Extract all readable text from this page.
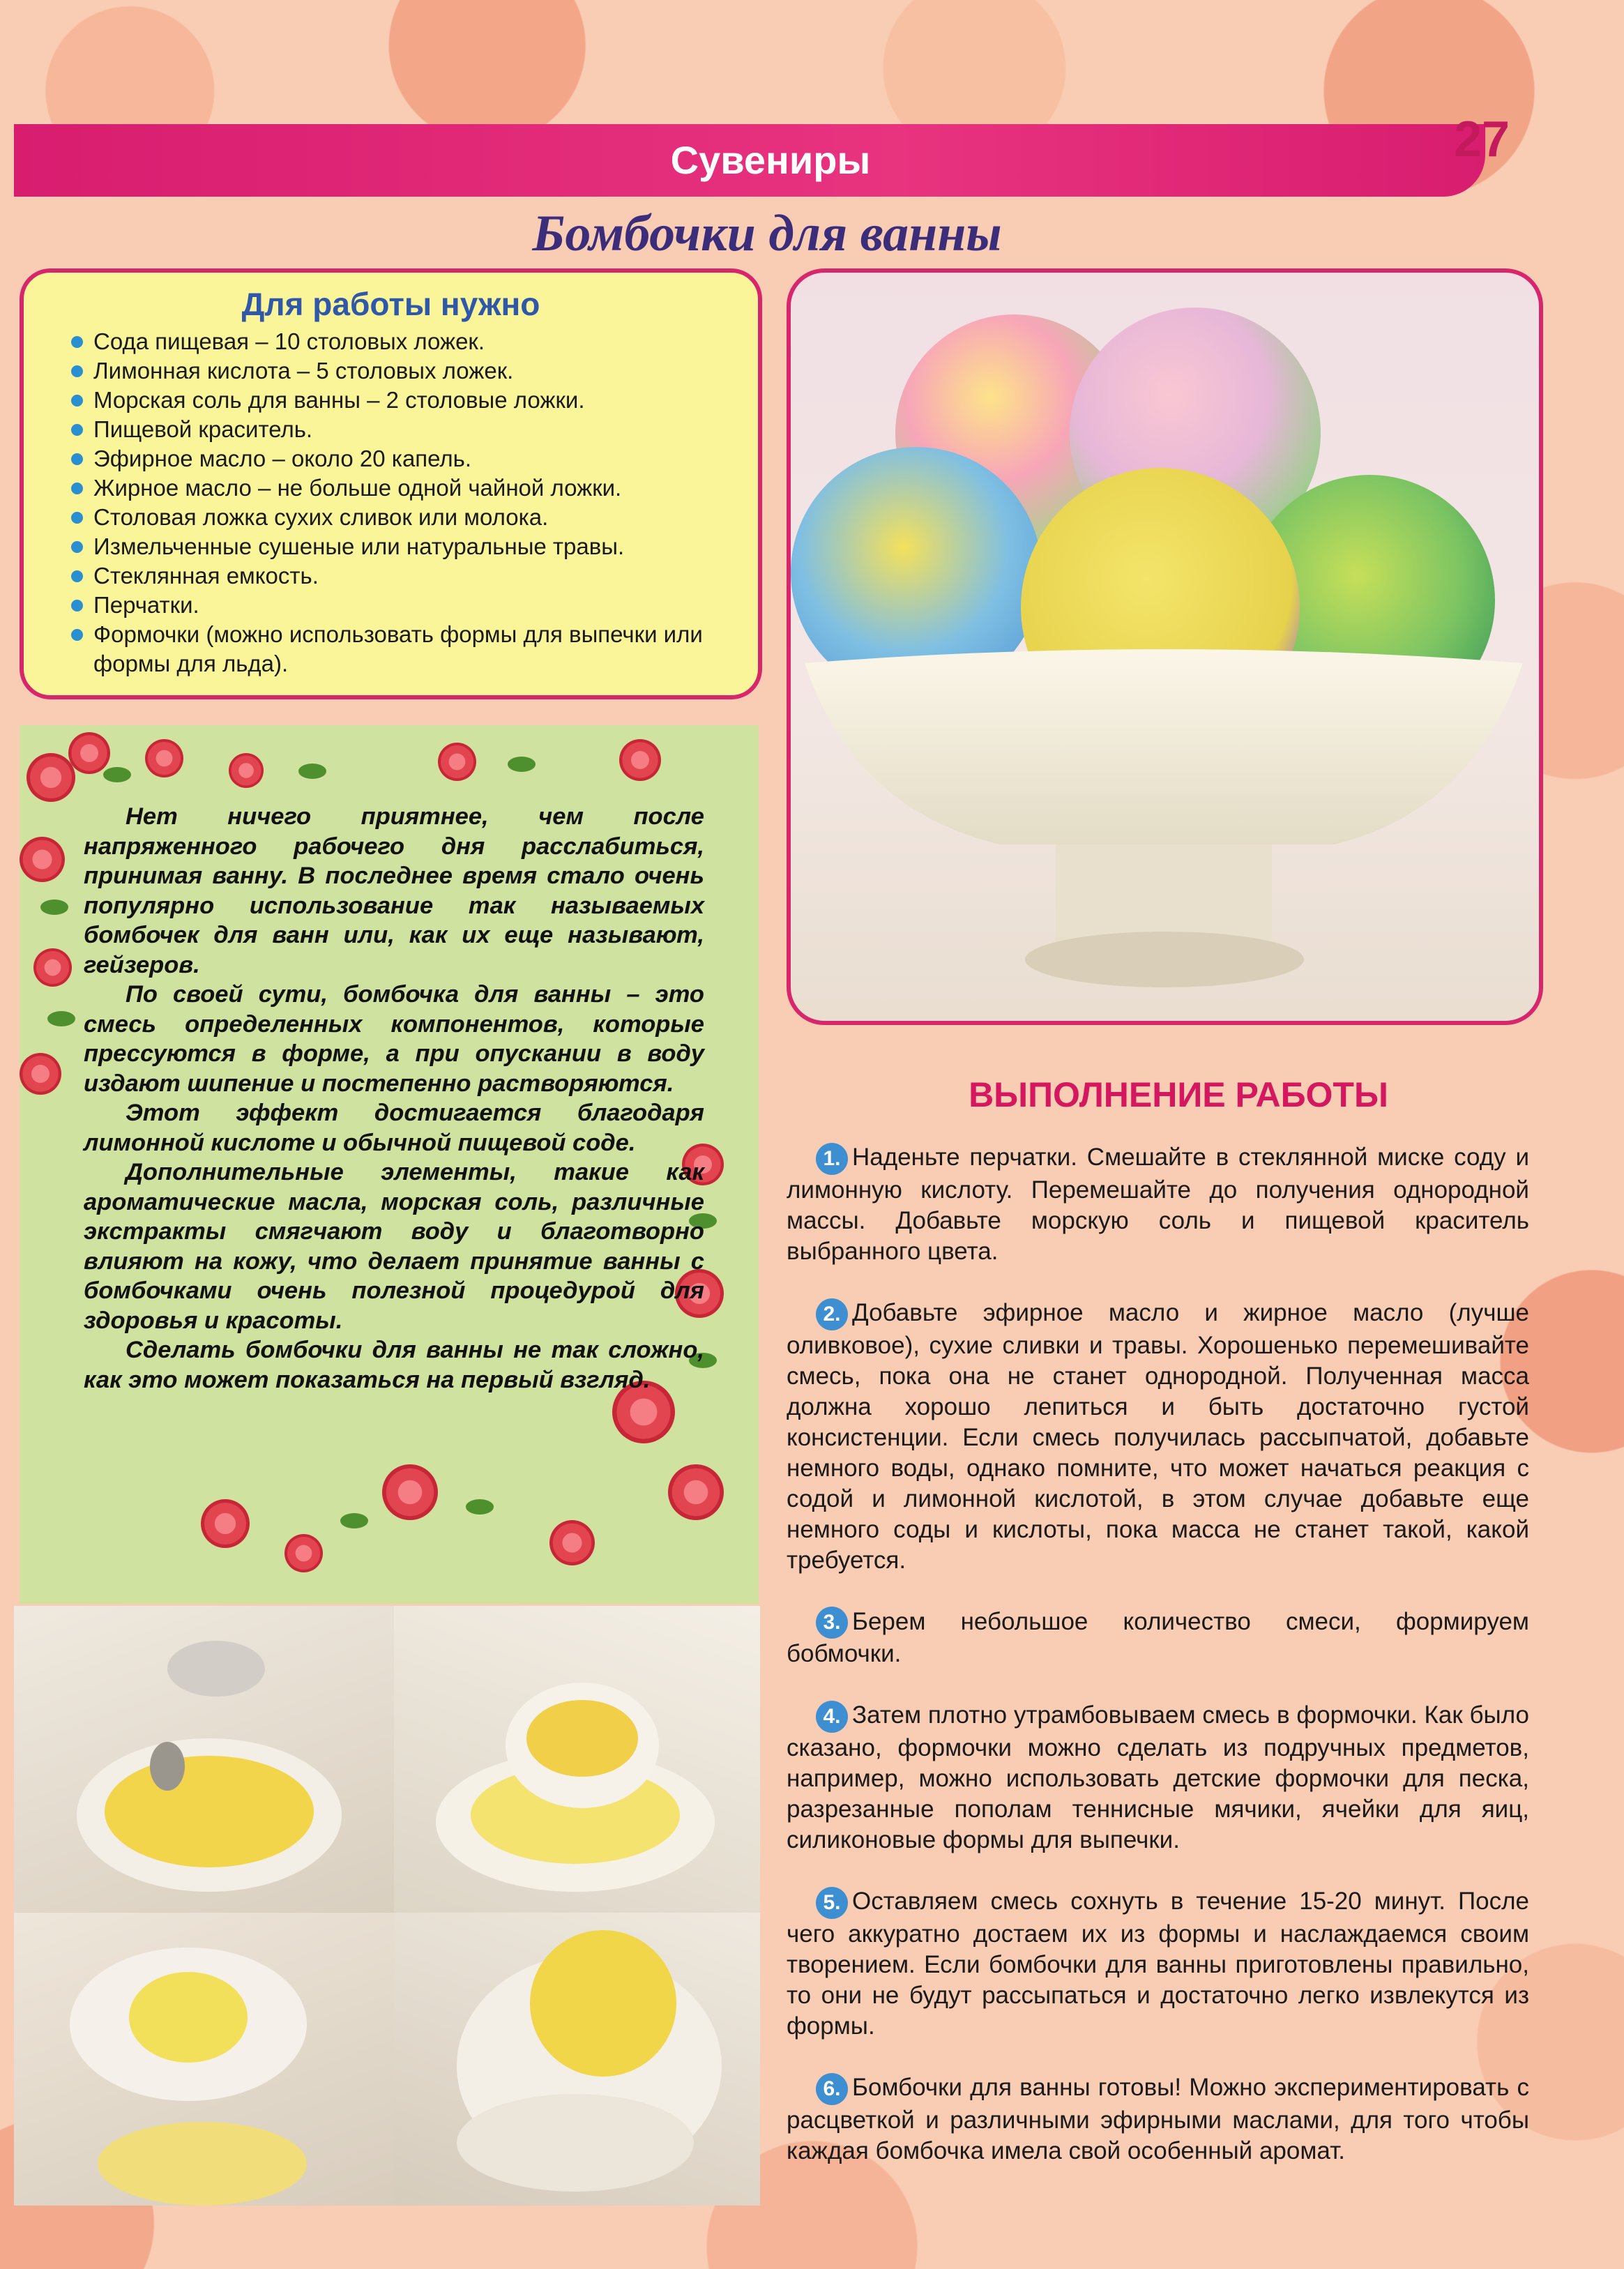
Сувениры	27
Бомбочки для ванны
Для работы нужно
Сода пищевая – 10 столовых ложек.
Лимонная кислота – 5 столовых ложек.
Морская соль для ванны – 2 столовые ложки.
Пищевой краситель.
Эфирное масло – около 20 капель.
Жирное масло – не больше одной чайной ложки.
Столовая ложка сухих сливок или молока.
Измельченные сушеные или натуральные травы.
Стеклянная емкость.
Перчатки.
Формочки (можно использовать формы для выпечки или формы для льда).

Нет ничего приятнее, чем после напряженного рабочего дня расслабиться, принимая ванну. В последнее время стало очень популярно использование так называемых бомбочек для ванн или, как их еще называют, гейзеров.

По своей сути, бомбочка для ванны – это смесь определенных компонентов, которые прессуются в форме, а при опускании в воду издают шипение и постепенно растворяются.

Этот эффект достигается благодаря лимонной кислоте и обычной пищевой соде.

Дополнительные элементы, такие как ароматические масла, морская соль, различные экстракты смягчают воду и благотворно влияют на кожу, что делает принятие ванны с бомбочками очень полезной процедурой для здоровья и красоты.

Сделать бомбочки для ванны не так сложно, как это может показаться на первый взгляд.

ВЫПОЛНЕНИЕ РАБОТЫ
1. Наденьте перчатки. Смешайте в стеклянной миске соду и лимонную кислоту. Перемешайте до получения однородной массы. Добавьте морскую соль и пищевой краситель выбранного цвета.
2. Добавьте эфирное масло и жирное масло (лучше оливковое), сухие сливки и травы. Хорошенько перемешивайте смесь, пока она не станет однородной. Полученная масса должна хорошо лепиться и быть достаточно густой консистенции. Если смесь получилась рассыпчатой, добавьте немного воды, однако помните, что может начаться реакция с содой и лимонной кислотой, в этом случае добавьте еще немного соды и кислоты, пока масса не станет такой, какой требуется.
3. Берем небольшое количество смеси, формируем бобмочки.
4. Затем плотно утрамбовываем смесь в формочки. Как было сказано, формочки можно сделать из подручных предметов, например, можно использовать детские формочки для песка, разрезанные пополам теннисные мячики, ячейки для яиц, силиконовые формы для выпечки.
5. Оставляем смесь сохнуть в течение 15-20 минут. После чего аккуратно достаем их из формы и наслаждаемся своим творением. Если бомбочки для ванны приготовлены правильно, то они не будут рассыпаться и достаточно легко извлекутся из формы.
6. Бомбочки для ванны готовы! Можно экспериментировать с расцветкой и различными эфирными маслами, для того чтобы каждая бомбочка имела свой особенный аромат.
